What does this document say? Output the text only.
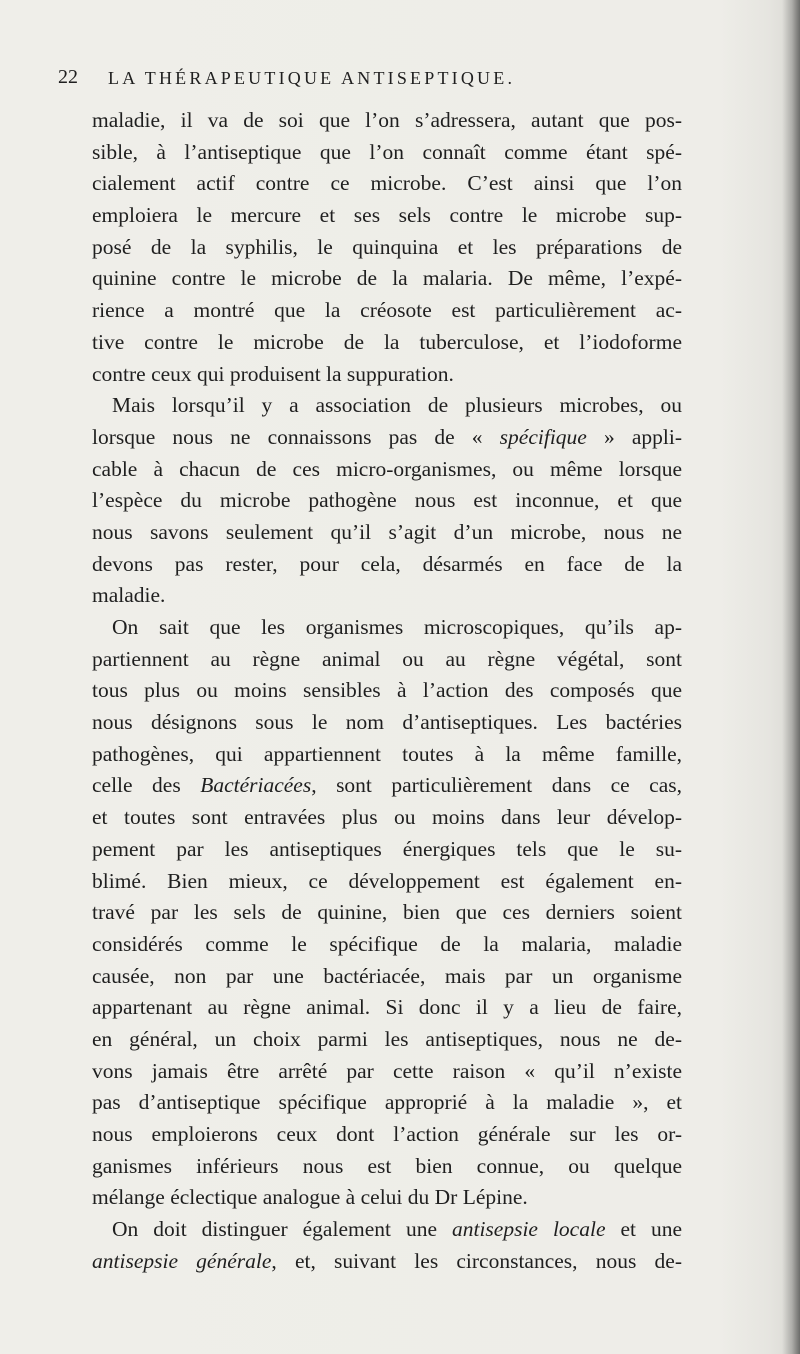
22 LA THÉRAPEUTIQUE ANTISEPTIQUE.
maladie, il va de soi que l’on s’adressera, autant que pos-
sible, à l’antiseptique que l’on connaît comme étant spé-
cialement actif contre ce microbe. C’est ainsi que l’on
emploiera le mercure et ses sels contre le microbe sup-
posé de la syphilis, le quinquina et les préparations de
quinine contre le microbe de la malaria. De même, l’expé-
rience a montré que la créosote est particulièrement ac-
tive contre le microbe de la tuberculose, et l’iodoforme
contre ceux qui produisent la suppuration.
Mais lorsqu’il y a association de plusieurs microbes, ou
lorsque nous ne connaissons pas de « spécifique » appli-
cable à chacun de ces micro-organismes, ou même lorsque
l’espèce du microbe pathogène nous est inconnue, et que
nous savons seulement qu’il s’agit d’un microbe, nous ne
devons pas rester, pour cela, désarmés en face de la
maladie.
On sait que les organismes microscopiques, qu’ils ap-
partiennent au règne animal ou au règne végétal, sont
tous plus ou moins sensibles à l’action des composés que
nous désignons sous le nom d’antiseptiques. Les bactéries
pathogènes, qui appartiennent toutes à la même famille,
celle des Bactériacées, sont particulièrement dans ce cas,
et toutes sont entravées plus ou moins dans leur dévelop-
pement par les antiseptiques énergiques tels que le su-
blimé. Bien mieux, ce développement est également en-
travé par les sels de quinine, bien que ces derniers soient
considérés comme le spécifique de la malaria, maladie
causée, non par une bactériacée, mais par un organisme
appartenant au règne animal. Si donc il y a lieu de faire,
en général, un choix parmi les antiseptiques, nous ne de-
vons jamais être arrêté par cette raison « qu’il n’existe
pas d’antiseptique spécifique approprié à la maladie », et
nous emploierons ceux dont l’action générale sur les or-
ganismes inférieurs nous est bien connue, ou quelque
mélange éclectique analogue à celui du Dr Lépine.
On doit distinguer également une antisepsie locale et une
antisepsie générale, et, suivant les circonstances, nous de-
